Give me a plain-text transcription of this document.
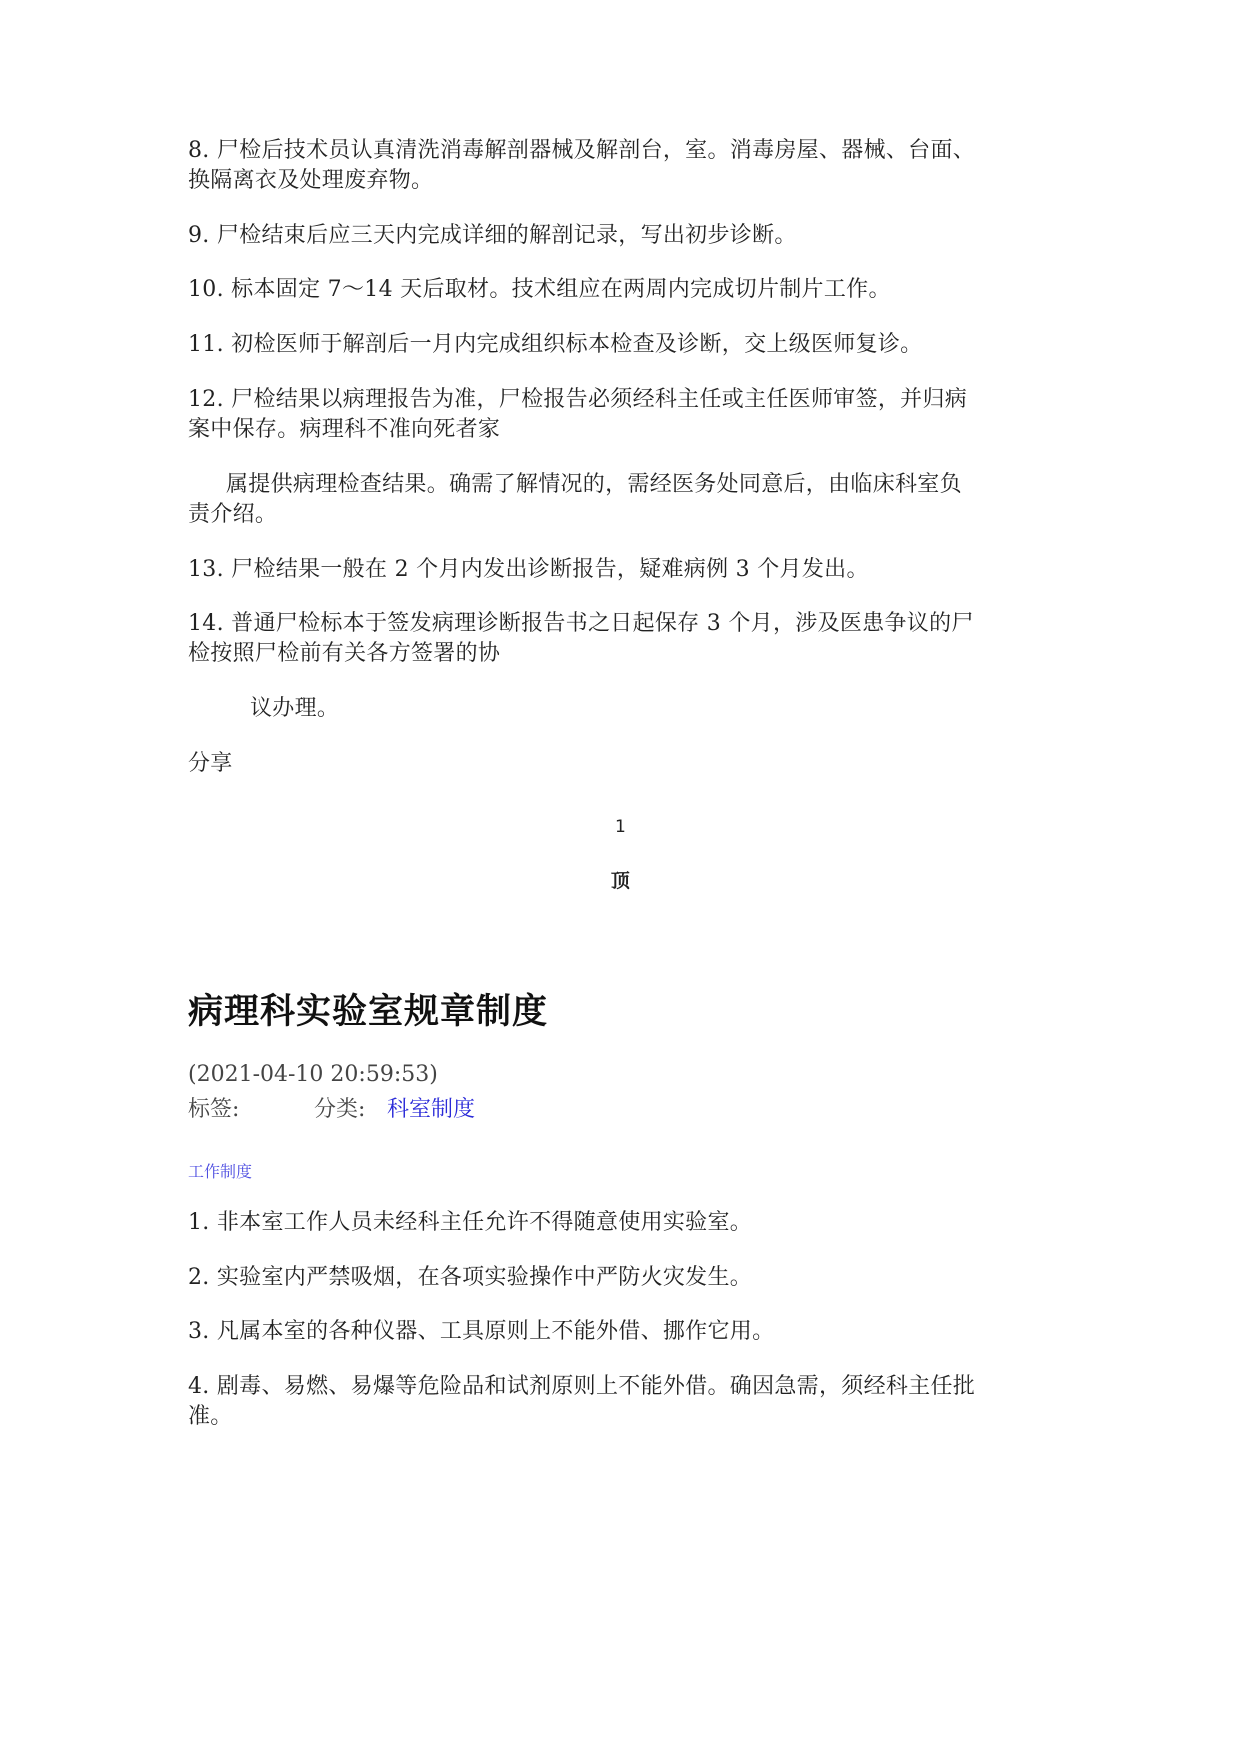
8. 尸检后技术员认真清洗消毒解剖器械及解剖台，室。消毒房屋、器械、台面、
换隔离衣及处理废弃物。
9. 尸检结束后应三天内完成详细的解剖记录，写出初步诊断。
10. 标本固定 7～14 天后取材。技术组应在两周内完成切片制片工作。
11. 初检医师于解剖后一月内完成组织标本检查及诊断，交上级医师复诊。
12. 尸检结果以病理报告为准，尸检报告必须经科主任或主任医师审签，并归病
案中保存。病理科不准向死者家
属提供病理检查结果。确需了解情况的，需经医务处同意后，由临床科室负
责介绍。
13. 尸检结果一般在 2 个月内发出诊断报告，疑难病例 3 个月发出。
14. 普通尸检标本于签发病理诊断报告书之日起保存 3 个月，涉及医患争议的尸
检按照尸检前有关各方签署的协
议办理。
分享
1
顶
病理科实验室规章制度
(2021-04-10 20:59:53)
标签:	分类: 科室制度
工作制度
1. 非本室工作人员未经科主任允许不得随意使用实验室。
2. 实验室内严禁吸烟，在各项实验操作中严防火灾发生。
3. 凡属本室的各种仪器、工具原则上不能外借、挪作它用。
4. 剧毒、易燃、易爆等危险品和试剂原则上不能外借。确因急需，须经科主任批
准。
